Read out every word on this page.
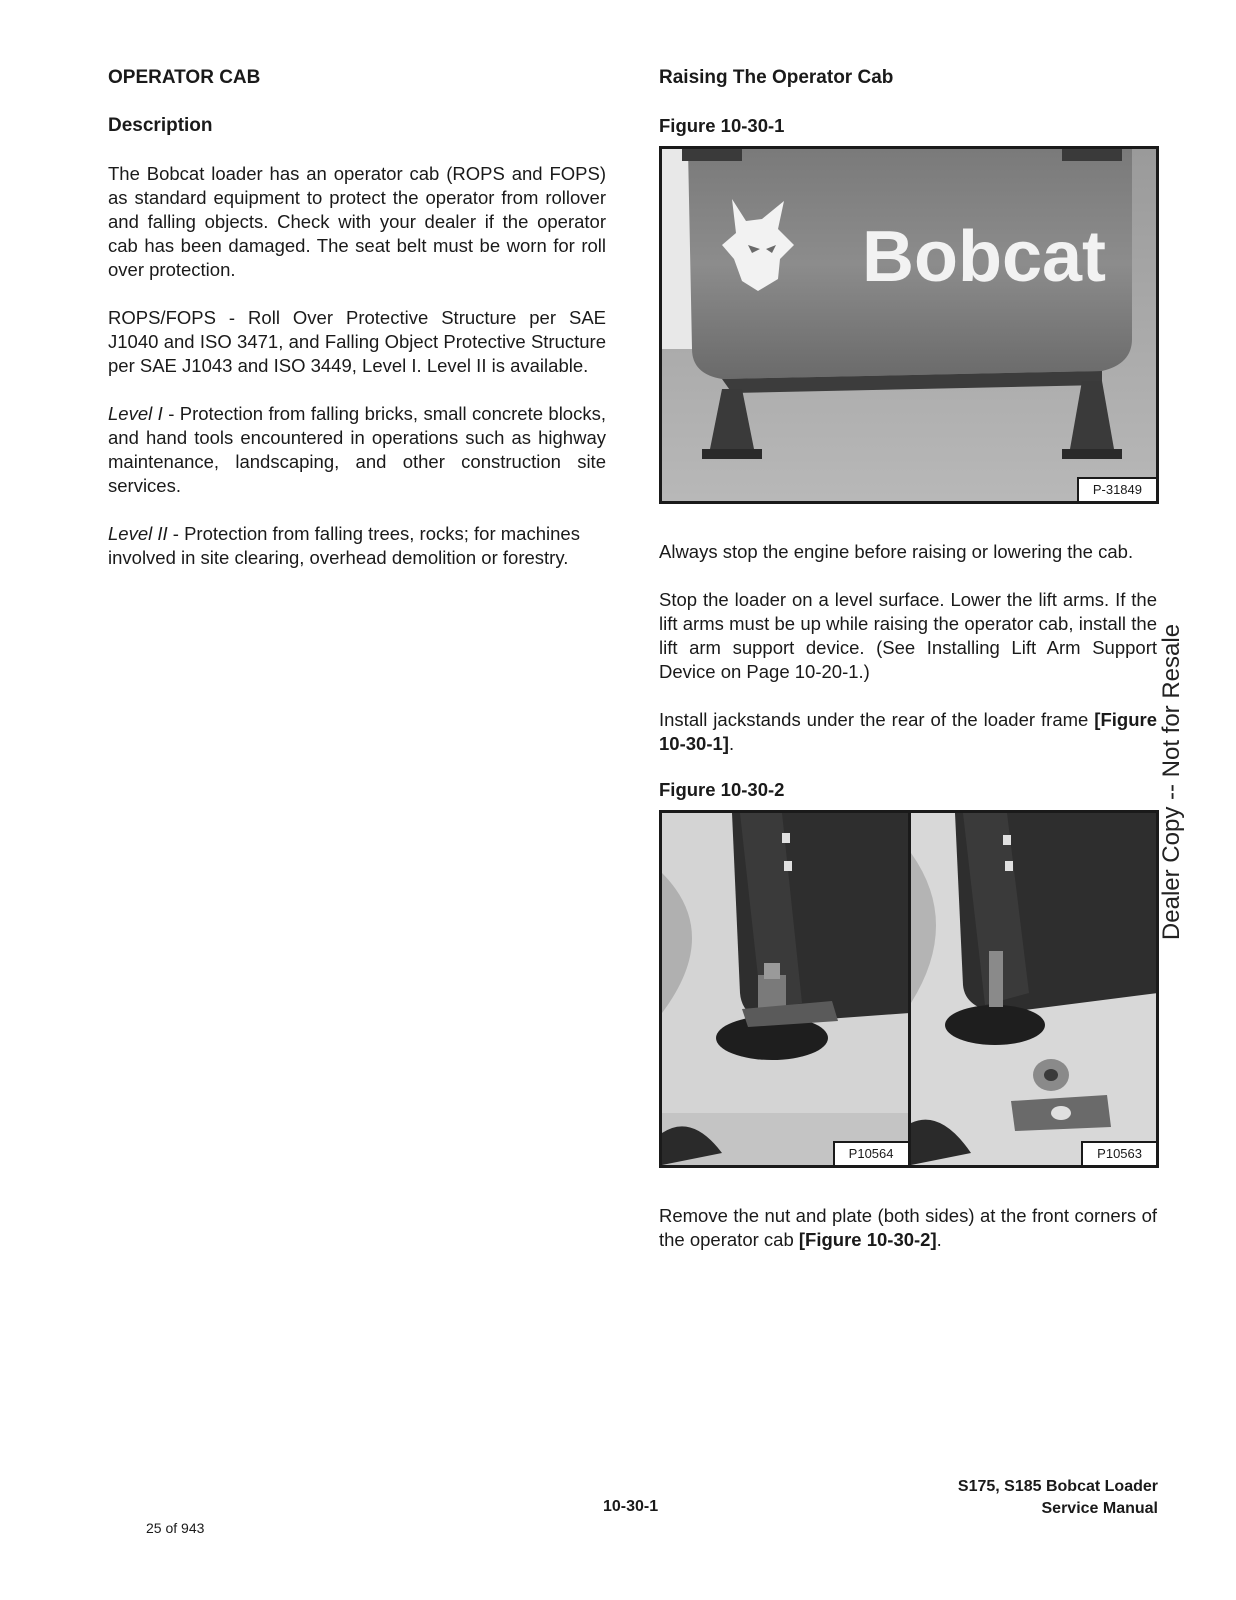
OPERATOR CAB
Description

The Bobcat loader has an operator cab (ROPS and FOPS) as standard equipment to protect the operator from rollover and falling objects. Check with your dealer if the operator cab has been damaged. The seat belt must be worn for roll over protection.

ROPS/FOPS - Roll Over Protective Structure per SAE J1040 and ISO 3471, and Falling Object Protective Structure per SAE J1043 and ISO 3449, Level I. Level II is available.

Level I - Protection from falling bricks, small concrete blocks, and hand tools encountered in operations such as highway maintenance, landscaping, and other construction site services.

Level II - Protection from falling trees, rocks; for machines involved in site clearing, overhead demolition or forestry.

Raising The Operator Cab
Figure 10-30-1
Bobcat
P-31849

Always stop the engine before raising or lowering the cab.

Stop the loader on a level surface. Lower the lift arms. If the lift arms must be up while raising the operator cab, install the lift arm support device. (See Installing Lift Arm Support Device on Page 10-20-1.)

Install jackstands under the rear of the loader frame [Figure 10-30-1].

Figure 10-30-2
P10564	P10563

Remove the nut and plate (both sides) at the front corners of the operator cab [Figure 10-30-2].

Dealer Copy -- Not for Resale
10-30-1
S175, S185 Bobcat Loader
Service Manual
25 of 943
